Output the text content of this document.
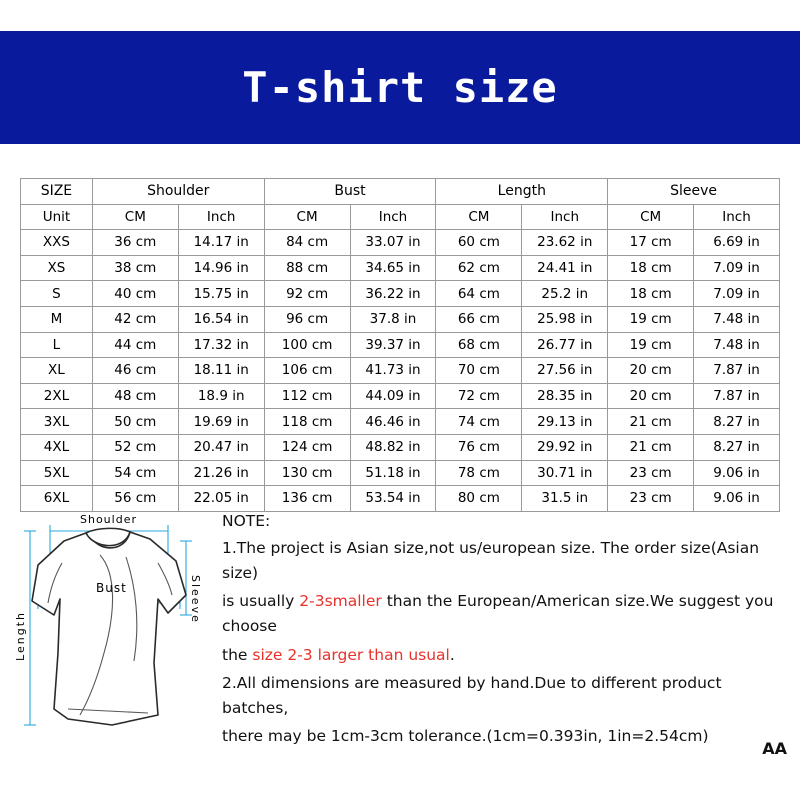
T-shirt size
SIZE	Shoulder		Bust		Length		Sleeve	
Unit	CM	Inch	CM	Inch	CM	Inch	CM	Inch
XXS	36 cm	14.17 in	84 cm	33.07 in	60 cm	23.62 in	17 cm	6.69 in
XS	38 cm	14.96 in	88 cm	34.65 in	62 cm	24.41 in	18 cm	7.09 in
S	40 cm	15.75 in	92 cm	36.22 in	64 cm	25.2 in	18 cm	7.09 in
M	42 cm	16.54 in	96 cm	37.8 in	66 cm	25.98 in	19 cm	7.48 in
L	44 cm	17.32 in	100 cm	39.37 in	68 cm	26.77 in	19 cm	7.48 in
XL	46 cm	18.11 in	106 cm	41.73 in	70 cm	27.56 in	20 cm	7.87 in
2XL	48 cm	18.9 in	112 cm	44.09 in	72 cm	28.35 in	20 cm	7.87 in
3XL	50 cm	19.69 in	118 cm	46.46 in	74 cm	29.13 in	21 cm	8.27 in
4XL	52 cm	20.47 in	124 cm	48.82 in	76 cm	29.92 in	21 cm	8.27 in
5XL	54 cm	21.26 in	130 cm	51.18 in	78 cm	30.71 in	23 cm	9.06 in
6XL	56 cm	22.05 in	136 cm	53.54 in	80 cm	31.5 in	23 cm	9.06 in
Shoulder
Bust	Sleeve
Length

NOTE:

1.The project is Asian size,not us/european size. The order size(Asian size)

is usually 2-3smaller than the European/American size.We suggest you choose

the size 2-3 larger than usual.

2.All dimensions are measured by hand.Due to different product batches,

there may be 1cm-3cm tolerance.(1cm=0.393in, 1in=2.54cm)

AA
